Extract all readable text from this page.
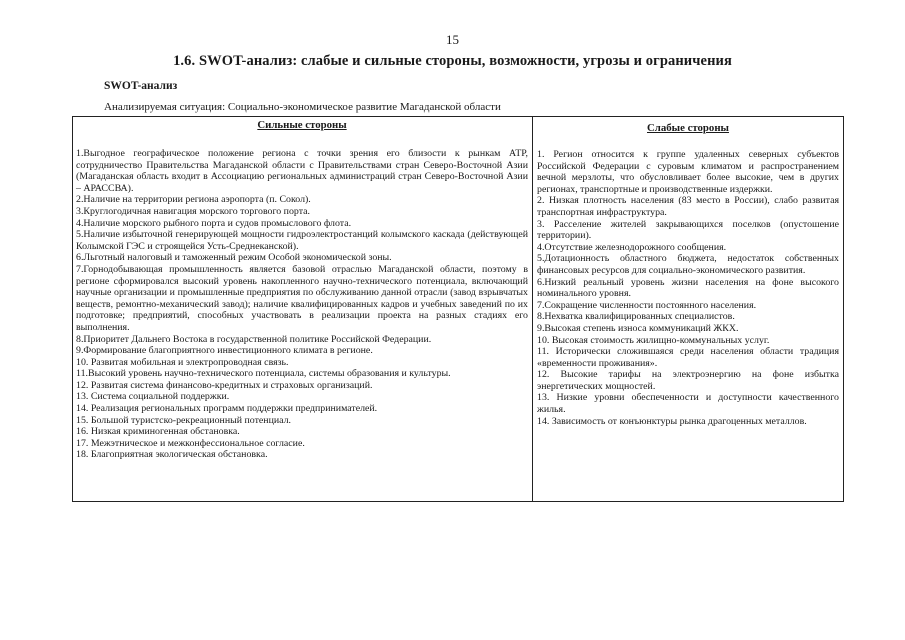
15
1.6. SWOT-анализ: слабые и сильные стороны, возможности, угрозы и ограничения
SWOT-анализ
Анализируемая ситуация: Социально-экономическое развитие Магаданской области
Сильные стороны
1.Выгодное географическое положение региона с точки зрения его близости к рынкам АТР, сотрудничество Правительства Магаданской области с Правительствами стран Северо-Восточной Азии (Магаданская область входит в Ассоциацию региональных администраций стран Северо-Восточной Азии – АРАССВА).
2.Наличие на территории региона аэропорта (п. Сокол).
3.Круглогодичная навигация морского торгового порта.
4.Наличие морского рыбного порта и судов промыслового флота.
5.Наличие избыточной генерирующей мощности гидроэлектростанций колымского каскада (действующей Колымской ГЭС и строящейся Усть-Среднеканской).
6.Льготный налоговый и таможенный режим Особой экономической зоны.
7.Горнодобывающая промышленность является базовой отраслью Магаданской области, поэтому в регионе сформировался высокий уровень накопленного научно-технического потенциала, включающий научные организации и промышленные предприятия по обслуживанию данной отрасли (завод взрывчатых веществ, ремонтно-механический завод); наличие квалифицированных кадров и учебных заведений по их подготовке; предприятий, способных участвовать в реализации проекта на разных стадиях его выполнения.
8.Приоритет Дальнего Востока в государственной политике Российской Федерации.
9.Формирование благоприятного инвестиционного климата в регионе.
10. Развитая мобильная и электропроводная связь.
11.Высокий уровень научно-технического потенциала, системы образования и культуры.
12. Развитая система финансово-кредитных и страховых организаций.
13. Система социальной поддержки.
14. Реализация региональных программ поддержки предпринимателей.
15. Большой туристско-рекреационный потенциал.
16. Низкая криминогенная обстановка.
17. Межэтническое и межконфессиональное согласие.
18. Благоприятная экологическая обстановка.
Слабые стороны
1. Регион относится к группе удаленных северных субъектов Российской Федерации с суровым климатом и распространением вечной мерзлоты, что обусловливает более высокие, чем в других регионах, транспортные и производственные издержки.
2. Низкая плотность населения (83 место в России), слабо развитая транспортная инфраструктура.
3. Расселение жителей закрывающихся поселков (опустошение территории).
4.Отсутствие железнодорожного сообщения.
5.Дотационность областного бюджета, недостаток собственных финансовых ресурсов для социально-экономического развития.
6.Низкий реальный уровень жизни населения на фоне высокого номинального уровня.
7.Сокращение численности постоянного населения.
8.Нехватка квалифицированных специалистов.
9.Высокая степень износа коммуникаций ЖКХ.
10. Высокая стоимость жилищно-коммунальных услуг.
11. Исторически сложившаяся среди населения области традиция «временности проживания».
12. Высокие тарифы на электроэнергию на фоне избытка энергетических мощностей.
13. Низкие уровни обеспеченности и доступности качественного жилья.
14. Зависимость от конъюнктуры рынка драгоценных металлов.
